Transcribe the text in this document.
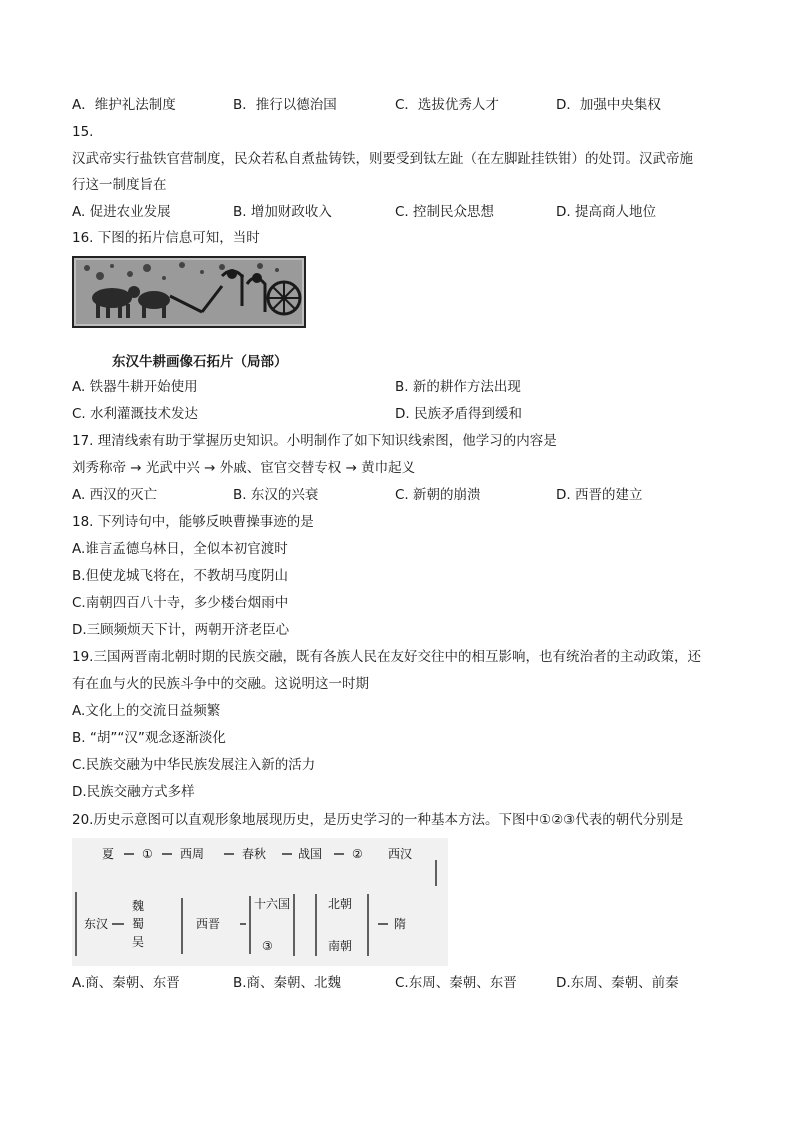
A．维护礼法制度	B．推行以德治国	C．选拔优秀人才	D．加强中央集权
15.
汉武帝实行盐铁官营制度，民众若私自煮盐铸铁，则要受到钛左趾（在左脚趾挂铁钳）的处罚。汉武帝施
行这一制度旨在
A. 促进农业发展	B. 增加财政收入	C. 控制民众思想	D. 提高商人地位
16. 下图的拓片信息可知，当时
东汉牛耕画像石拓片（局部）
A. 铁器牛耕开始使用	B. 新的耕作方法出现
C. 水利灌溉技术发达	D. 民族矛盾得到缓和
17. 理清线索有助于掌握历史知识。小明制作了如下知识线索图，他学习的内容是
刘秀称帝 → 光武中兴 → 外戚、宦官交替专权 → 黄巾起义
A. 西汉的灭亡	B. 东汉的兴衰	C. 新朝的崩溃	D. 西晋的建立
18. 下列诗句中，能够反映曹操事迹的是
A.谁言孟德乌林日，全似本初官渡时
B.但使龙城飞将在，不教胡马度阴山
C.南朝四百八十寺，多少楼台烟雨中
D.三顾频烦天下计，两朝开济老臣心
19.三国两晋南北朝时期的民族交融，既有各族人民在友好交往中的相互影响，也有统治者的主动政策，还
有在血与火的民族斗争中的交融。这说明这一时期
A.文化上的交流日益频繁
B. “胡”“汉”观念逐渐淡化
C.民族交融为中华民族发展注入新的活力
D.民族交融方式多样
20.历史示意图可以直观形象地展现历史，是历史学习的一种基本方法。下图中①②③代表的朝代分别是
夏 ① 西周	春秋	战国 ② 西汉
东汉
魏
蜀
吴
西晋
十六国
③
北朝
南朝
隋
A.商、秦朝、东晋	B.商、秦朝、北魏	C.东周、秦朝、东晋	D.东周、秦朝、前秦
